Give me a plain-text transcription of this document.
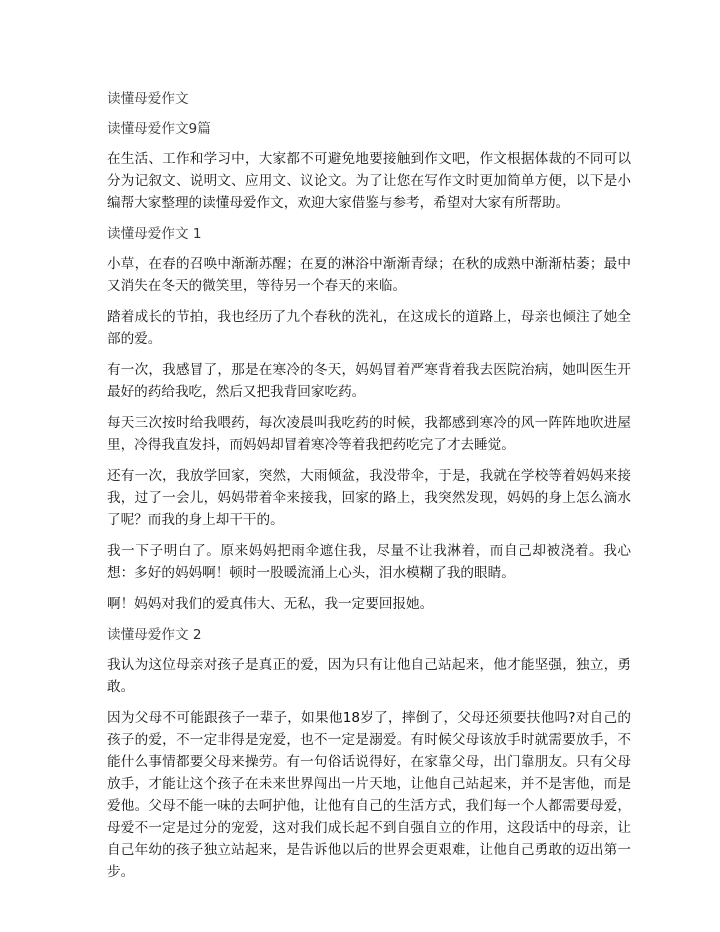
读懂母爱作文

读懂母爱作文9篇

在生活、工作和学习中，大家都不可避免地要接触到作文吧，作文根据体裁的不同可以分为记叙文、说明文、应用文、议论文。为了让您在写作文时更加简单方便，以下是小编帮大家整理的读懂母爱作文，欢迎大家借鉴与参考，希望对大家有所帮助。

读懂母爱作文 1

小草，在春的召唤中渐渐苏醒；在夏的淋浴中渐渐青绿；在秋的成熟中渐渐枯萎；最中又消失在冬天的微笑里，等待另一个春天的来临。

踏着成长的节拍，我也经历了九个春秋的洗礼，在这成长的道路上，母亲也倾注了她全部的爱。

有一次，我感冒了，那是在寒冷的冬天，妈妈冒着严寒背着我去医院治病，她叫医生开最好的药给我吃，然后又把我背回家吃药。

每天三次按时给我喂药，每次凌晨叫我吃药的时候，我都感到寒冷的风一阵阵地吹进屋里，冷得我直发抖，而妈妈却冒着寒冷等着我把药吃完了才去睡觉。

还有一次，我放学回家，突然，大雨倾盆，我没带伞，于是，我就在学校等着妈妈来接我，过了一会儿，妈妈带着伞来接我，回家的路上，我突然发现，妈妈的身上怎么滴水了呢？而我的身上却干干的。

我一下子明白了。原来妈妈把雨伞遮住我，尽量不让我淋着，而自己却被浇着。我心想：多好的妈妈啊！顿时一股暖流涌上心头，泪水模糊了我的眼睛。

啊！妈妈对我们的爱真伟大、无私，我一定要回报她。

读懂母爱作文 2

我认为这位母亲对孩子是真正的爱，因为只有让他自己站起来，他才能坚强，独立，勇敢。

因为父母不可能跟孩子一辈子，如果他18岁了，摔倒了，父母还须要扶他吗?对自己的孩子的爱，不一定非得是宠爱，也不一定是溺爱。有时候父母该放手时就需要放手，不能什么事情都要父母来操劳。有一句俗话说得好，在家靠父母，出门靠朋友。只有父母放手，才能让这个孩子在未来世界闯出一片天地，让他自己站起来，并不是害他，而是爱他。父母不能一味的去呵护他，让他有自己的生活方式，我们每一个人都需要母爱，母爱不一定是过分的宠爱，这对我们成长起不到自强自立的作用，这段话中的母亲，让自己年幼的孩子独立站起来，是告诉他以后的世界会更艰难，让他自己勇敢的迈出第一步。
